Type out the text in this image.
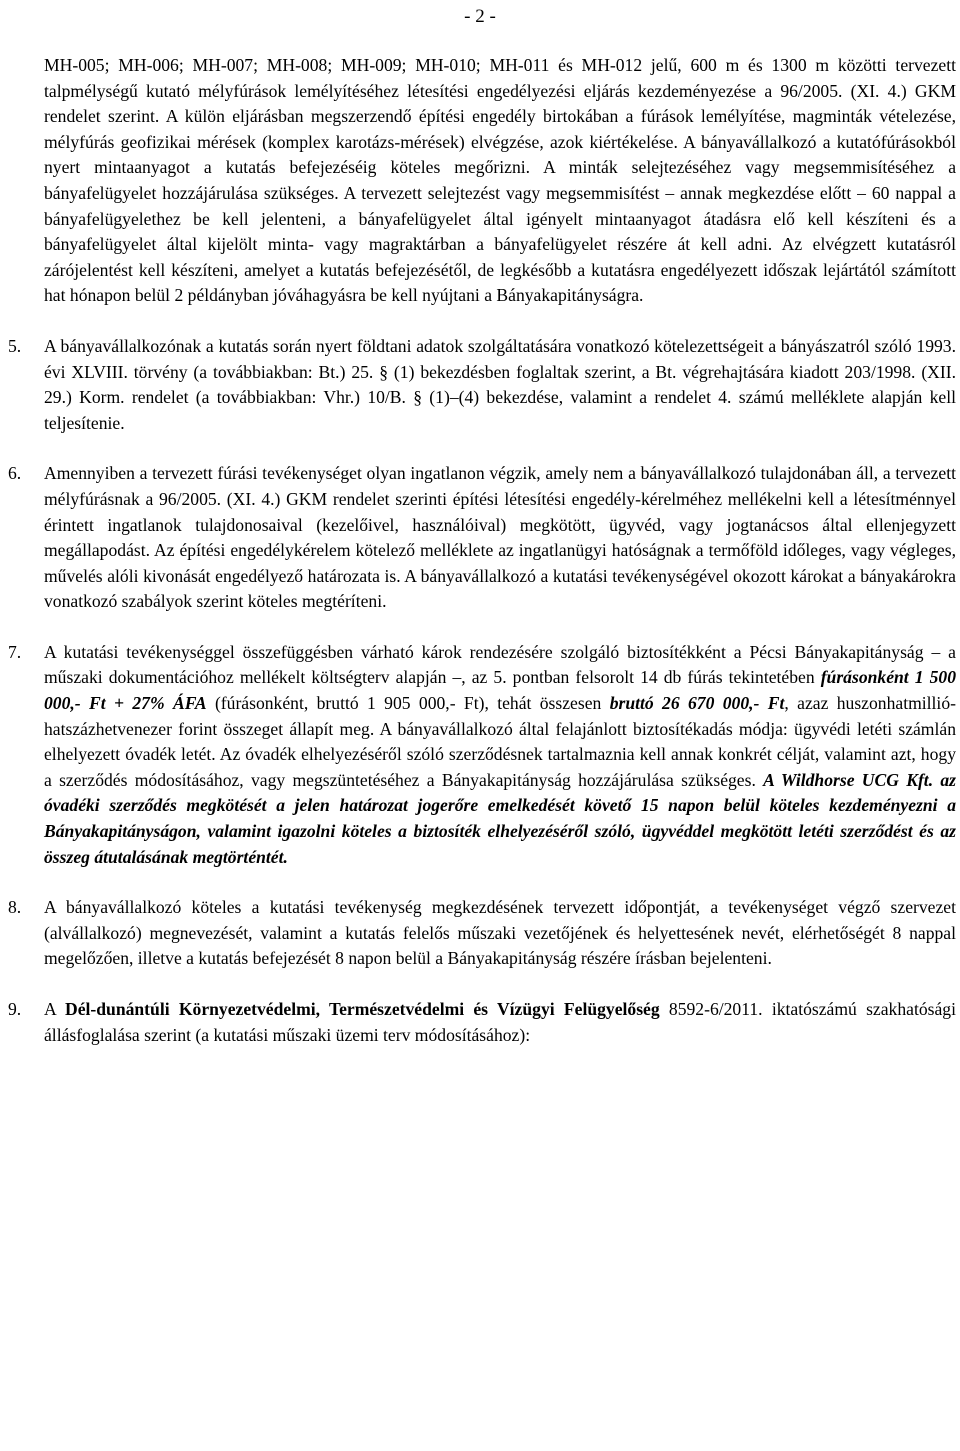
- 2 -

MH-005; MH-006; MH-007; MH-008; MH-009; MH-010; MH-011 és MH-012 jelű, 600 m és 1300 m közötti tervezett talpmélységű kutató mélyfúrások lemélyítéséhez létesítési engedélyezési eljárás kezdeményezése a 96/2005. (XI. 4.) GKM rendelet szerint. A külön eljárásban megszerzendő építési engedély birtokában a fúrások lemélyítése, magminták vételezése, mélyfúrás geofizikai mérések (komplex karotázs-mérések) elvégzése, azok kiértékelése. A bányavállalkozó a kutatófúrásokból nyert mintaanyagot a kutatás befejezéséig köteles megőrizni. A minták selejtezéséhez vagy megsemmisítéséhez a bányafelügyelet hozzájárulása szükséges. A tervezett selejtezést vagy megsemmisítést – annak megkezdése előtt – 60 nappal a bányafelügyelethez be kell jelenteni, a bányafelügyelet által igényelt mintaanyagot átadásra elő kell készíteni és a bányafelügyelet által kijelölt minta- vagy magraktárban a bányafelügyelet részére át kell adni. Az elvégzett kutatásról zárójelentést kell készíteni, amelyet a kutatás befejezésétől, de legkésőbb a kutatásra engedélyezett időszak lejártától számított hat hónapon belül 2 példányban jóváhagyásra be kell nyújtani a Bányakapitányságra.

5. A bányavállalkozónak a kutatás során nyert földtani adatok szolgáltatására vonatkozó kötelezettségeit a bányászatról szóló 1993. évi XLVIII. törvény (a továbbiakban: Bt.) 25. § (1) bekezdésben foglaltak szerint, a Bt. végrehajtására kiadott 203/1998. (XII. 29.) Korm. rendelet (a továbbiakban: Vhr.) 10/B. § (1)–(4) bekezdése, valamint a rendelet 4. számú melléklete alapján kell teljesítenie.
6. Amennyiben a tervezett fúrási tevékenységet olyan ingatlanon végzik, amely nem a bányavállalkozó tulajdonában áll, a tervezett mélyfúrásnak a 96/2005. (XI. 4.) GKM rendelet szerinti építési létesítési engedély-kérelméhez mellékelni kell a létesítménnyel érintett ingatlanok tulajdonosaival (kezelőivel, használóival) megkötött, ügyvéd, vagy jogtanácsos által ellenjegyzett megállapodást. Az építési engedélykérelem kötelező melléklete az ingatlanügyi hatóságnak a termőföld időleges, vagy végleges, művelés alóli kivonását engedélyező határozata is. A bányavállalkozó a kutatási tevékenységével okozott károkat a bányakárokra vonatkozó szabályok szerint köteles megtéríteni.
7. A kutatási tevékenységgel összefüggésben várható károk rendezésére szolgáló biztosítékként a Pécsi Bányakapitányság – a műszaki dokumentációhoz mellékelt költségterv alapján –, az 5. pontban felsorolt 14 db fúrás tekintetében fúrásonként 1 500 000,- Ft + 27% ÁFA (fúrásonként, bruttó 1 905 000,- Ft), tehát összesen bruttó 26 670 000,- Ft, azaz huszonhatmillió-hatszázhetvenezer forint összeget állapít meg. A bányavállalkozó által felajánlott biztosítékadás módja: ügyvédi letéti számlán elhelyezett óvadék letét. Az óvadék elhelyezéséről szóló szerződésnek tartalmaznia kell annak konkrét célját, valamint azt, hogy a szerződés módosításához, vagy megszüntetéséhez a Bányakapitányság hozzájárulása szükséges. A Wildhorse UCG Kft. az óvadéki szerződés megkötését a jelen határozat jogerőre emelkedését követő 15 napon belül köteles kezdeményezni a Bányakapitányságon, valamint igazolni köteles a biztosíték elhelyezéséről szóló, ügyvéddel megkötött letéti szerződést és az összeg átutalásának megtörténtét.
8. A bányavállalkozó köteles a kutatási tevékenység megkezdésének tervezett időpontját, a tevékenységet végző szervezet (alvállalkozó) megnevezését, valamint a kutatás felelős műszaki vezetőjének és helyettesének nevét, elérhetőségét 8 nappal megelőzően, illetve a kutatás befejezését 8 napon belül a Bányakapitányság részére írásban bejelenteni.
9. A Dél-dunántúli Környezetvédelmi, Természetvédelmi és Vízügyi Felügyelőség 8592-6/2011. iktatószámú szakhatósági állásfoglalása szerint (a kutatási műszaki üzemi terv módosításához):
